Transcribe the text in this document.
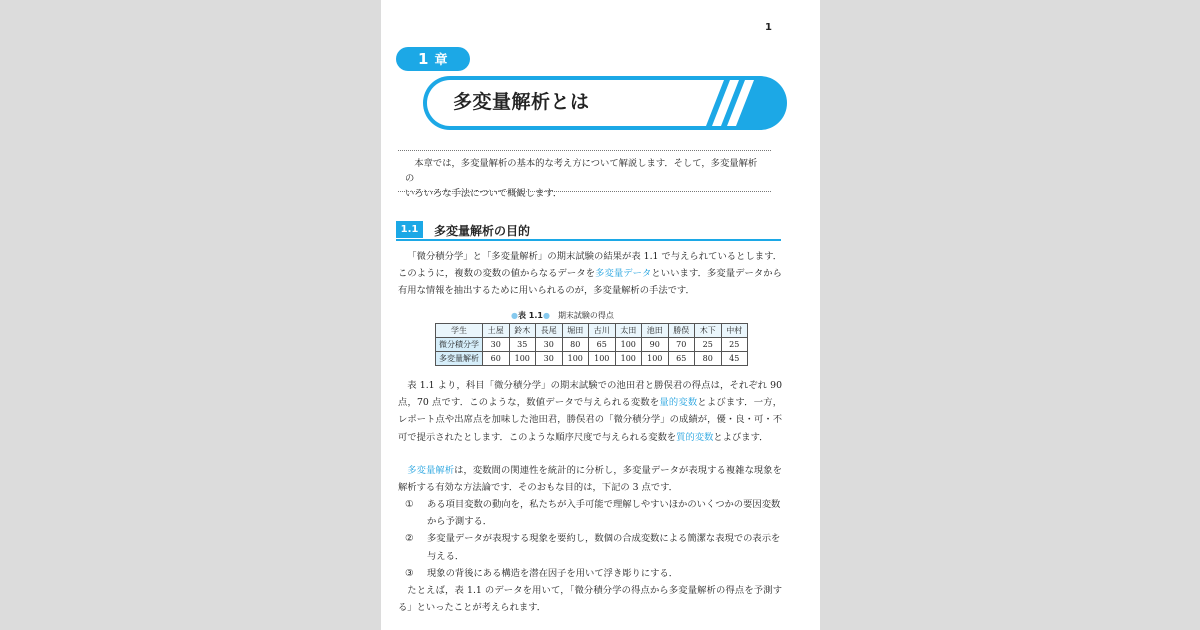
1
1 章
多変量解析とは

本章では，多変量解析の基本的な考え方について解説します．そして，多変量解析の

いろいろな手法について概観します．

1.1	多変量解析の目的

「微分積分学」と「多変量解析」の期末試験の結果が表 1.1 で与えられているとします．このように，複数の変数の値からなるデータを多変量データといいます．多変量データから有用な情報を抽出するために用いられるのが，多変量解析の手法です．

●表 1.1●　 期末試験の得点
学生	土屋	鈴木	長尾	堀田	古川	太田	池田	勝俣	木下	中村
微分積分学	30	35	30	80	65	100	90	70	25	25
多変量解析	60	100	30	100	100	100	100	65	80	45

表 1.1 より，科目「微分積分学」の期末試験での池田君と勝俣君の得点は，それぞれ 90 点，70 点です．このような，数値データで与えられる変数を量的変数とよびます．一方，レポート点や出席点を加味した池田君，勝俣君の「微分積分学」の成績が，優・良・可・不可で提示されたとします．このような順序尺度で与えられる変数を質的変数とよびます．

多変量解析は，変数間の関連性を統計的に分析し，多変量データが表現する複雑な現象を解析する有効な方法論です．そのおもな目的は，下記の 3 点です．

① ある項目変数の動向を，私たちが入手可能で理解しやすいほかのいくつかの要因変数から予測する．
② 多変量データが表現する現象を要約し，数個の合成変数による簡潔な表現での表示を与える．
③ 現象の背後にある構造を潜在因子を用いて浮き彫りにする．

たとえば，表 1.1 のデータを用いて，「微分積分学の得点から多変量解析の得点を予測する」といったことが考えられます．
